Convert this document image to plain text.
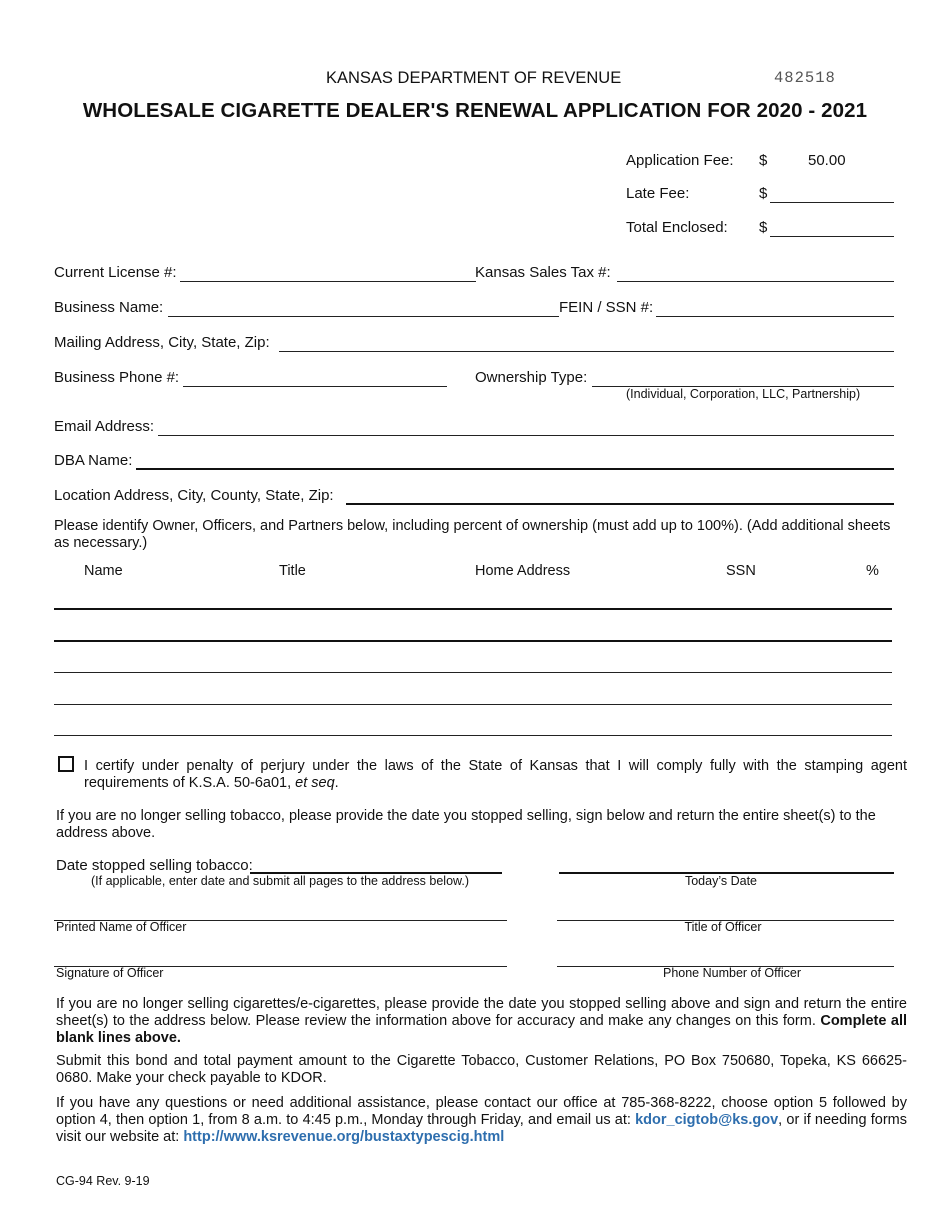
KANSAS DEPARTMENT OF REVENUE	482518
WHOLESALE CIGARETTE DEALER'S RENEWAL APPLICATION FOR 2020 - 2021
Application Fee: $	50.00
Late Fee:	$
Total Enclosed: $
Current License #:	Kansas Sales Tax #:
Business Name:	FEIN / SSN #:
Mailing Address, City, State, Zip:
Business Phone #:	Ownership Type:
(Individual, Corporation, LLC, Partnership)
Email Address:
DBA Name:
Location Address, City, County, State, Zip:
Please identify Owner, Officers, and Partners below, including percent of ownership (must add up to 100%). (Add additional sheets as necessary.)
Name	Title	Home Address	SSN	%
I certify under penalty of perjury under the laws of the State of Kansas that I will comply fully with the stamping agent requirements of K.S.A. 50-6a01, et seq.
If you are no longer selling tobacco, please provide the date you stopped selling, sign below and return the entire sheet(s) to the address above.
Date stopped selling tobacco:
(If applicable, enter date and submit all pages to the address below.)	Today’s Date
Printed Name of Officer	Title of Officer
Signature of Officer	Phone Number of Officer
If you are no longer selling cigarettes/e-cigarettes, please provide the date you stopped selling above and sign and return the entire sheet(s) to the address below. Please review the information above for accuracy and make any changes on this form. Complete all blank lines above.
Submit this bond and total payment amount to the Cigarette Tobacco, Customer Relations, PO Box 750680, Topeka, KS 66625-0680. Make your check payable to KDOR.
If you have any questions or need additional assistance, please contact our office at 785-368-8222, choose option 5 followed by option 4, then option 1, from 8 a.m. to 4:45 p.m., Monday through Friday, and email us at: kdor_cigtob@ks.gov, or if needing forms visit our website at: http://www.ksrevenue.org/bustaxtypescig.html
CG-94 Rev. 9-19
